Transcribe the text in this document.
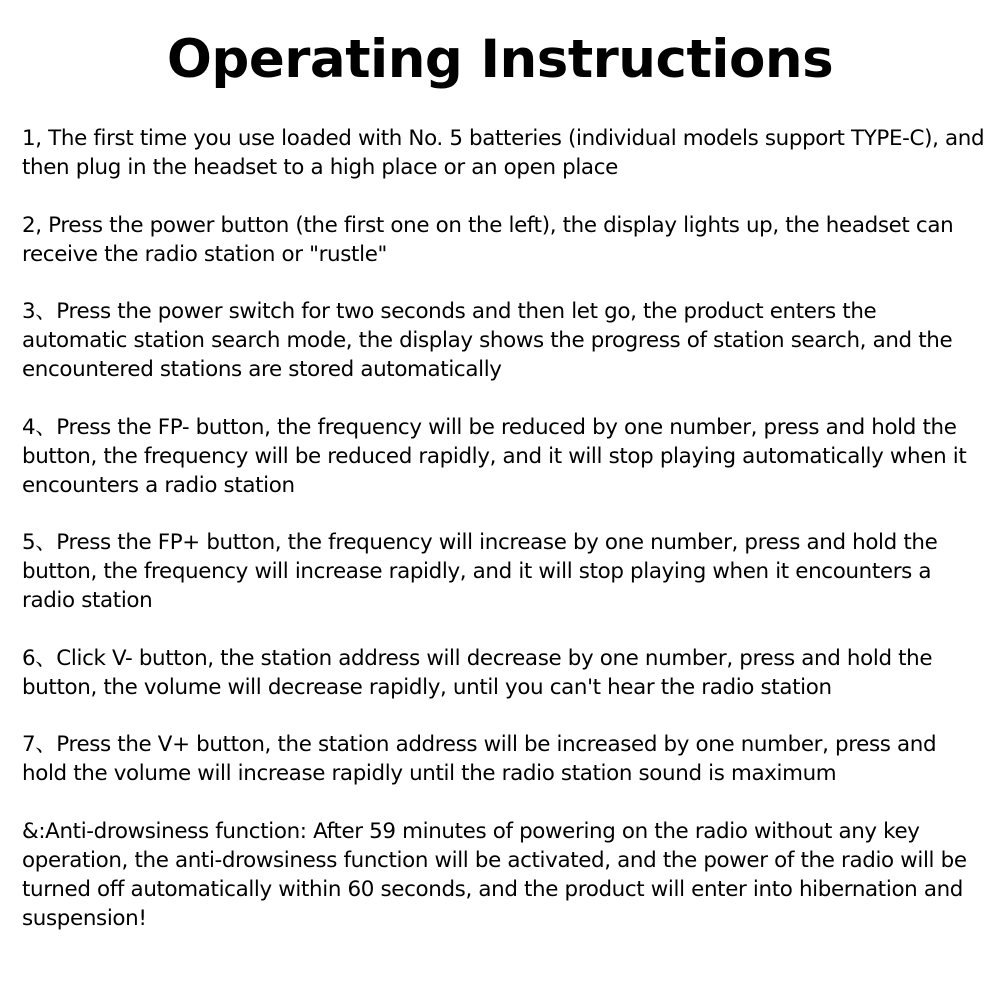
Operating Instructions
1, The first time you use loaded with No. 5 batteries (individual models support TYPE-C), and then plug in the headset to a high place or an open place
2, Press the power button (the first one on the left), the display lights up, the headset can receive the radio station or "rustle"
3、Press the power switch for two seconds and then let go, the product enters the automatic station search mode, the display shows the progress of station search, and the encountered stations are stored automatically
4、Press the FP- button, the frequency will be reduced by one number, press and hold the button, the frequency will be reduced rapidly, and it will stop playing automatically when it encounters a radio station
5、Press the FP+ button, the frequency will increase by one number, press and hold the button, the frequency will increase rapidly, and it will stop playing when it encounters a radio station
6、Click V- button, the station address will decrease by one number, press and hold the button, the volume will decrease rapidly, until you can't hear the radio station
7、Press the V+ button, the station address will be increased by one number, press and hold the volume will increase rapidly until the radio station sound is maximum
&:Anti-drowsiness function: After 59 minutes of powering on the radio without any key operation, the anti-drowsiness function will be activated, and the power of the radio will be turned off automatically within 60 seconds, and the product will enter into hibernation and suspension!
